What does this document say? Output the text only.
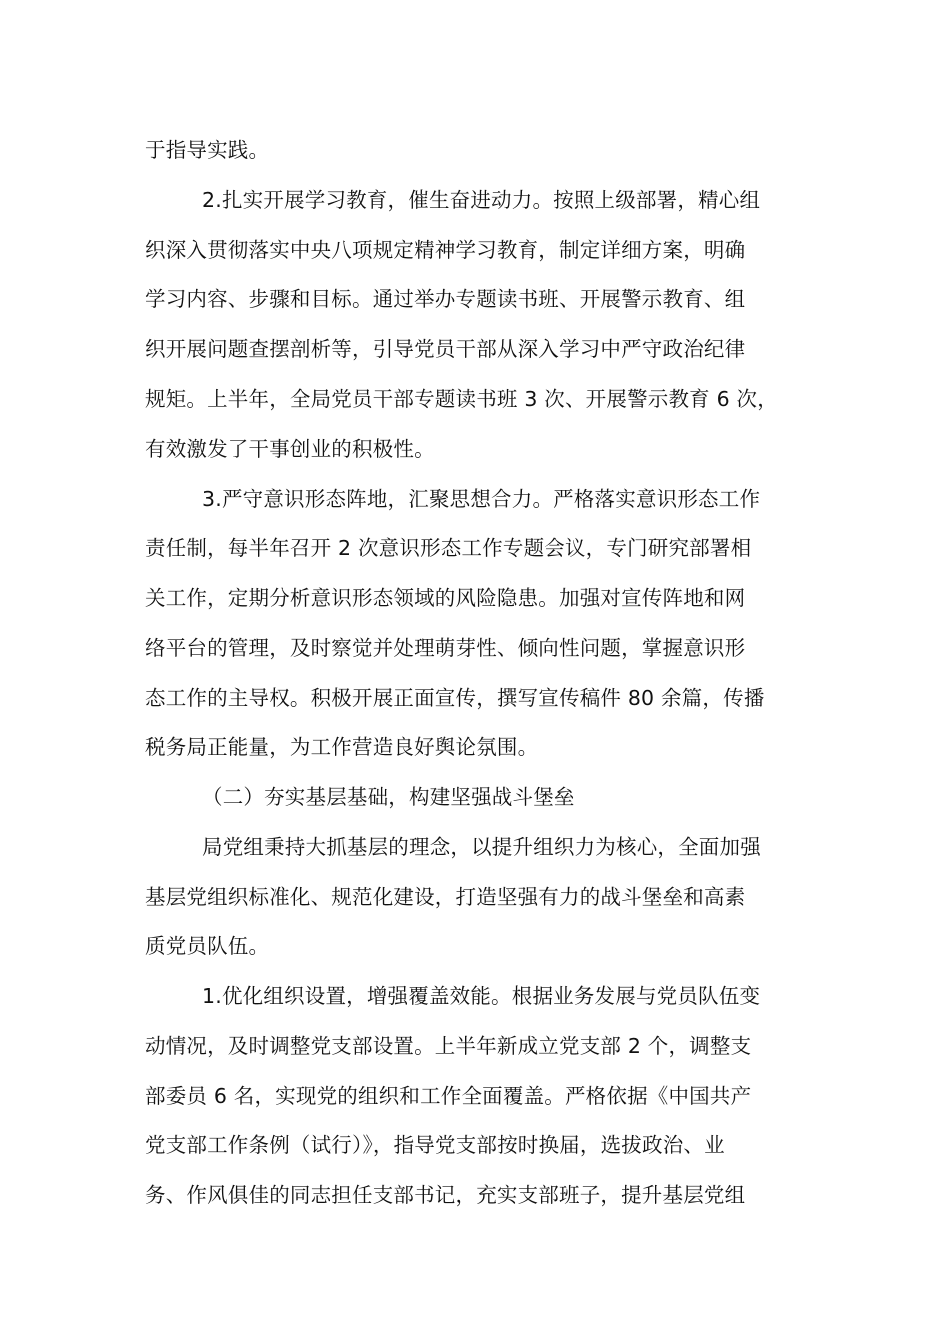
于指导实践。
2.扎实开展学习教育，催生奋进动力。按照上级部署，精心组
织深入贯彻落实中央八项规定精神学习教育，制定详细方案，明确
学习内容、步骤和目标。通过举办专题读书班、开展警示教育、组
织开展问题查摆剖析等，引导党员干部从深入学习中严守政治纪律
规矩。上半年，全局党员干部专题读书班 3 次、开展警示教育 6 次，
有效激发了干事创业的积极性。
3.严守意识形态阵地，汇聚思想合力。严格落实意识形态工作
责任制，每半年召开 2 次意识形态工作专题会议，专门研究部署相
关工作，定期分析意识形态领域的风险隐患。加强对宣传阵地和网
络平台的管理，及时察觉并处理萌芽性、倾向性问题，掌握意识形
态工作的主导权。积极开展正面宣传，撰写宣传稿件 80 余篇，传播
税务局正能量，为工作营造良好舆论氛围。
（二）夯实基层基础，构建坚强战斗堡垒
局党组秉持大抓基层的理念，以提升组织力为核心，全面加强
基层党组织标准化、规范化建设，打造坚强有力的战斗堡垒和高素
质党员队伍。
1.优化组织设置，增强覆盖效能。根据业务发展与党员队伍变
动情况，及时调整党支部设置。上半年新成立党支部 2 个，调整支
部委员 6 名，实现党的组织和工作全面覆盖。严格依据《中国共产
党支部工作条例（试行）》，指导党支部按时换届，选拔政治、业
务、作风俱佳的同志担任支部书记，充实支部班子，提升基层党组
